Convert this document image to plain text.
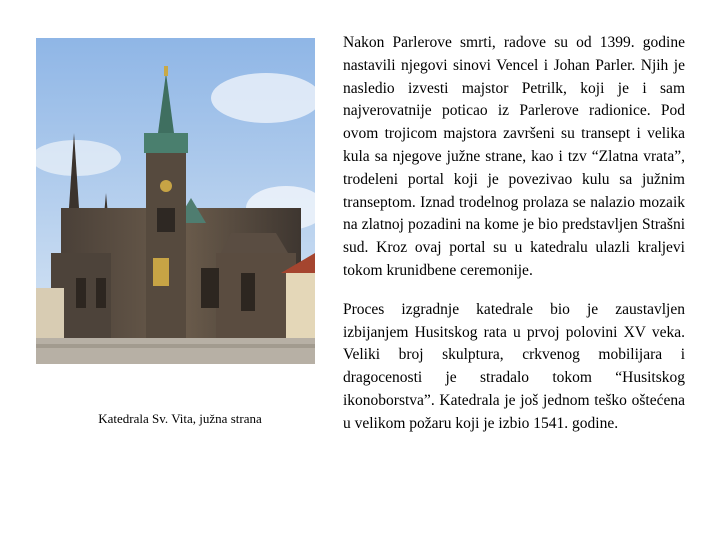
Katedrala Sv. Vita, južna strana

Nakon Parlerove smrti, radove su od 1399. godine nastavili njegovi sinovi Vencel i Johan Parler. Njih je nasledio izvesti majstor Petrilk, koji je i sam najverovatnije poticao iz Parlerove radionice. Pod ovom trojicom majstora završeni su transept i velika kula sa njegove južne strane, kao i tzv “Zlatna vrata”, trodeleni portal koji je povezivao kulu sa južnim transeptom. Iznad trodelnog prolaza se nalazio mozaik na zlatnoj pozadini na kome je bio predstavljen Strašni sud. Kroz ovaj portal su u katedralu ulazli kraljevi tokom krunidbene ceremonije.

Proces izgradnje katedrale bio je zaustavljen izbijanjem Husitskog rata u prvoj polovini XV veka. Veliki broj skulptura, crkvenog mobilijara i dragocenosti je stradalo tokom “Husitskog ikonoborstva”. Katedrala je još jednom teško oštećena u velikom požaru koji je izbio 1541. godine.
